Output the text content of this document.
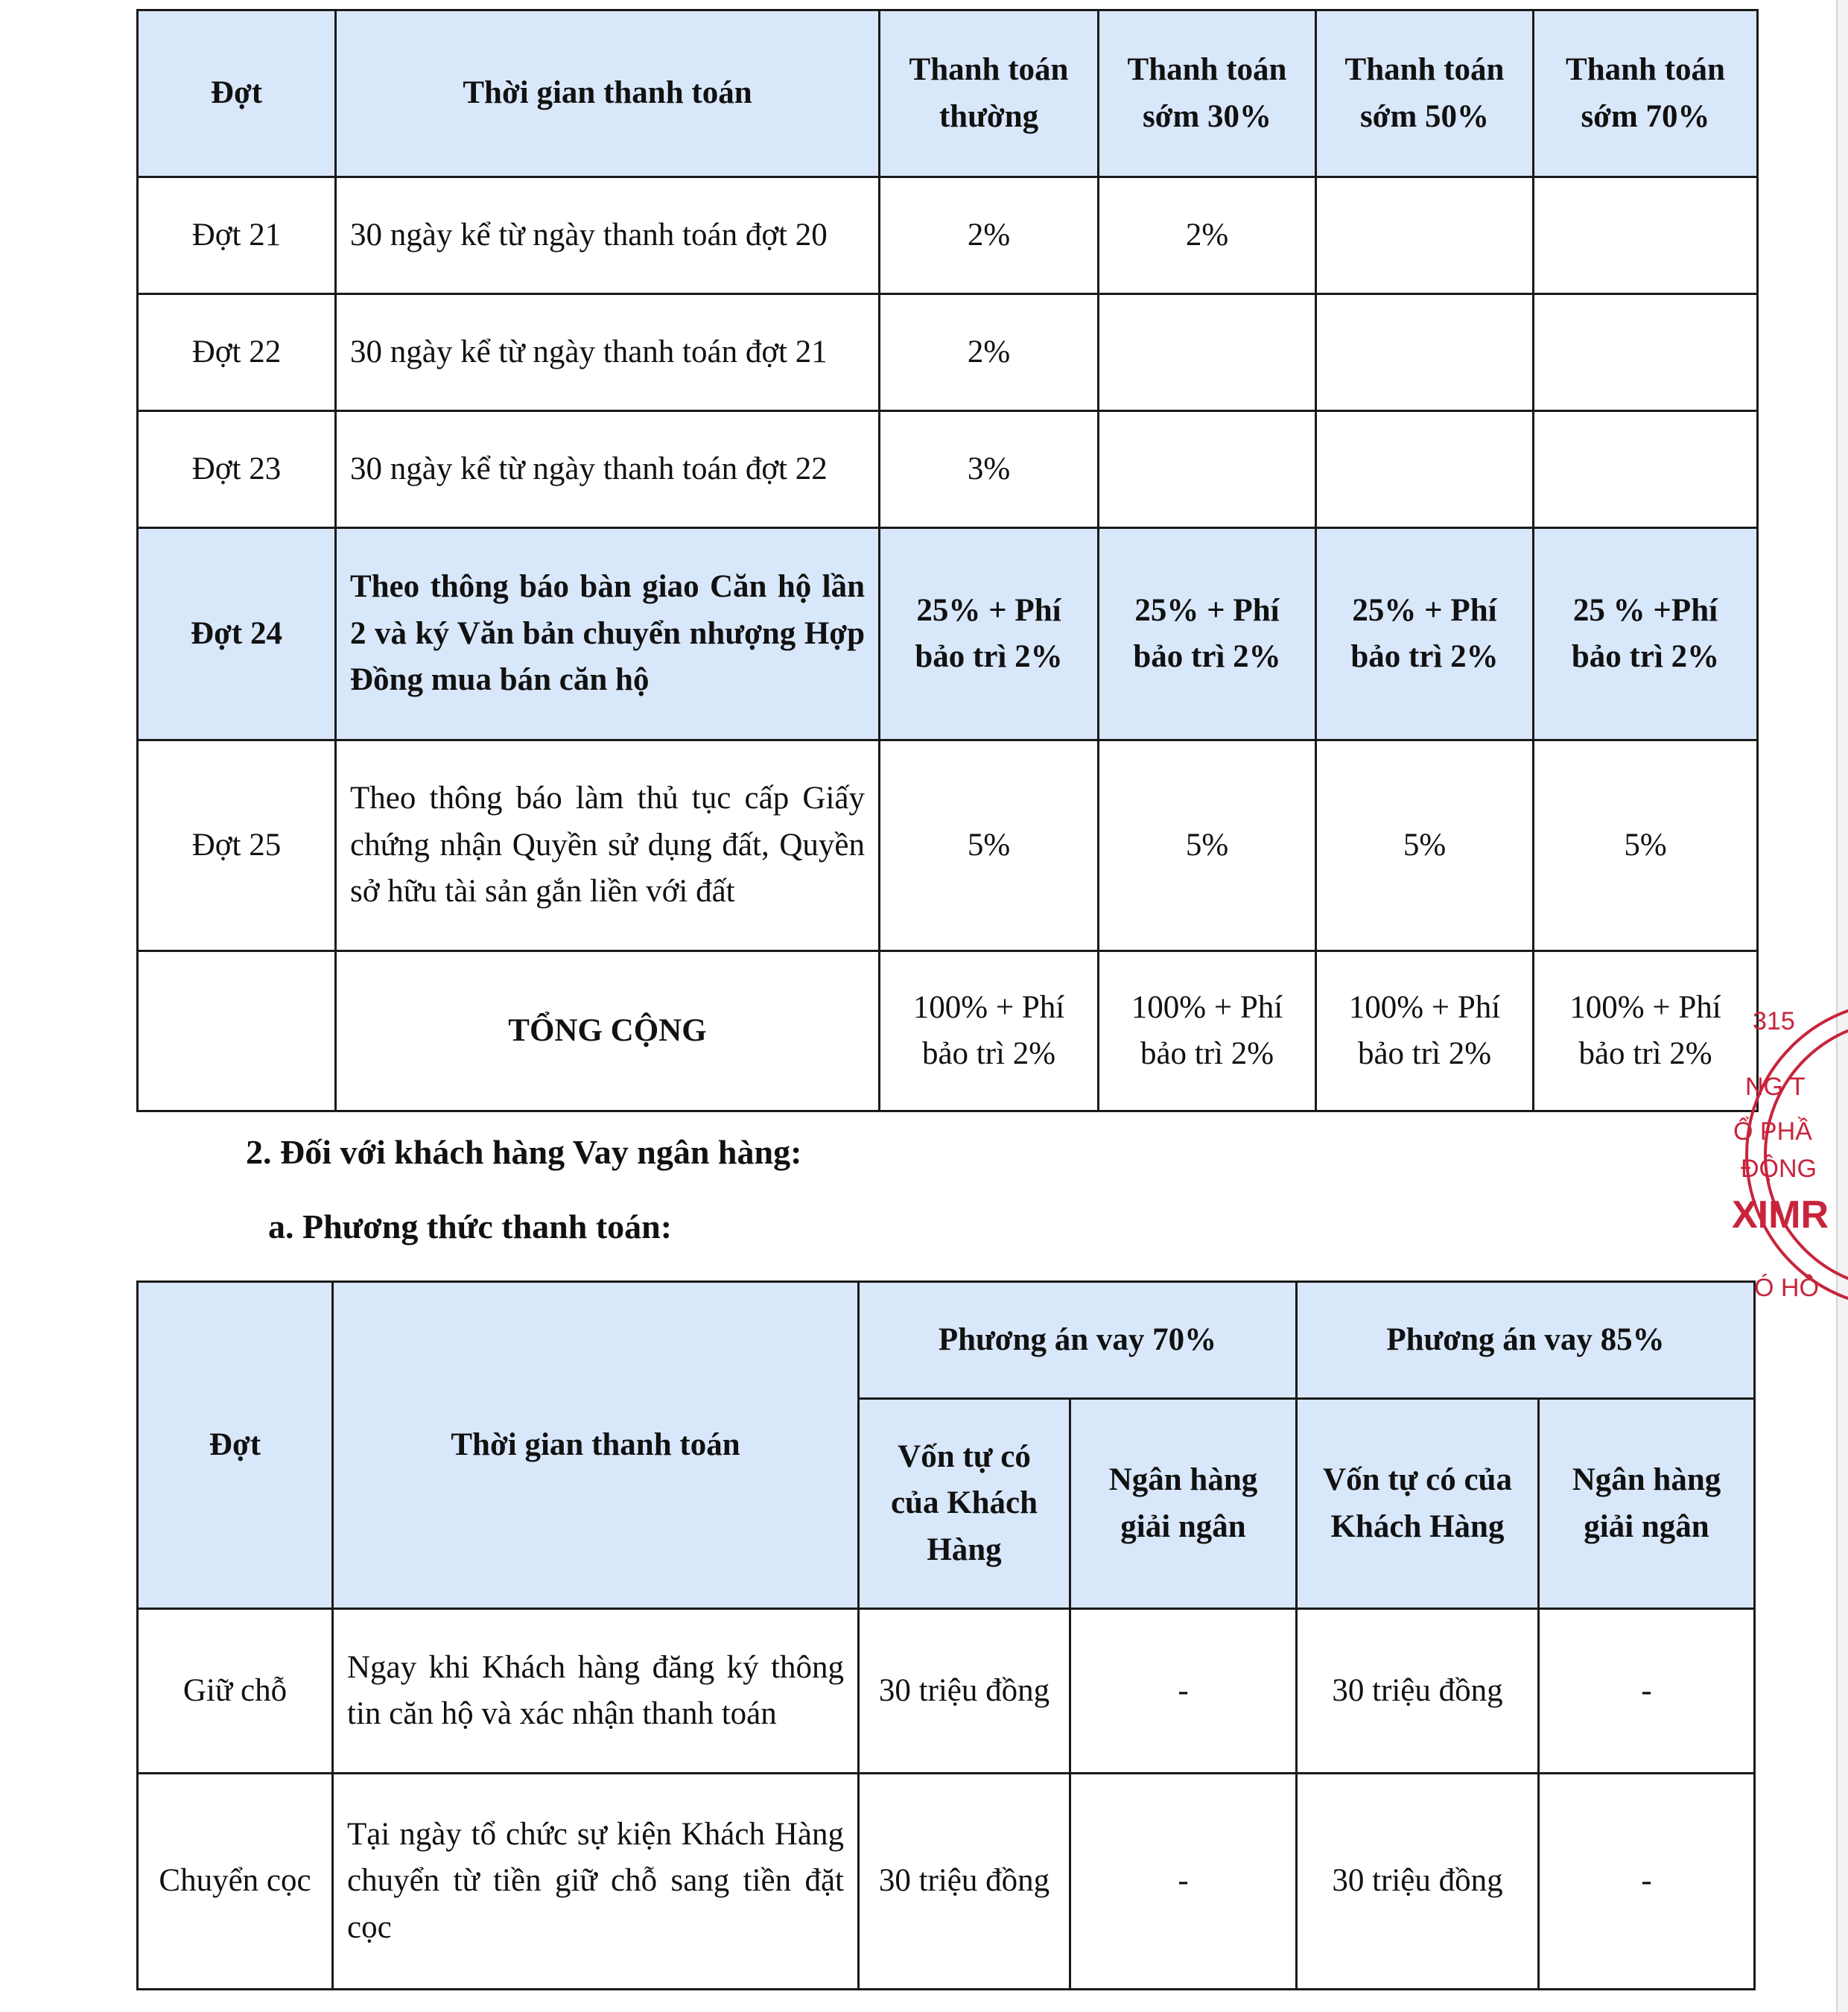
Đợt	Thời gian thanh toán	Thanh toán thường	Thanh toán sớm 30%	Thanh toán sớm 50%	Thanh toán sớm 70%
Đợt 21	30 ngày kể từ ngày thanh toán đợt 20	2%	2%		
Đợt 22	30 ngày kể từ ngày thanh toán đợt 21	2%			
Đợt 23	30 ngày kể từ ngày thanh toán đợt 22	3%			
Đợt 24	Theo thông báo bàn giao Căn hộ lần 2 và ký Văn bản chuyển nhượng Hợp Đồng mua bán căn hộ	25% + Phí bảo trì 2%	25% + Phí bảo trì 2%	25% + Phí bảo trì 2%	25 % +Phí bảo trì 2%
Đợt 25	Theo thông báo làm thủ tục cấp Giấy chứng nhận Quyền sử dụng đất, Quyền sở hữu tài sản gắn liền với đất	5%	5%	5%	5%
	TỔNG CỘNG	100% + Phí bảo trì 2%	100% + Phí bảo trì 2%	100% + Phí bảo trì 2%	100% + Phí bảo trì 2%
2. Đối với khách hàng Vay ngân hàng:
a. Phương thức thanh toán:
Đợt	Thời gian thanh toán	Phương án vay 70%		Phương án vay 85%	
		Vốn tự có của Khách Hàng	Ngân hàng giải ngân	Vốn tự có của Khách Hàng	Ngân hàng giải ngân
Giữ chỗ	Ngay khi Khách hàng đăng ký thông tin căn hộ và xác nhận thanh toán	30 triệu đồng	-	30 triệu đồng	-
Chuyển cọc	Tại ngày tổ chức sự kiện Khách Hàng chuyển từ tiền giữ chỗ sang tiền đặt cọc	30 triệu đồng	-	30 triệu đồng	-
315
NG T
Ổ PHẦ
ĐỘNG
XIMR
Ó HỒ
